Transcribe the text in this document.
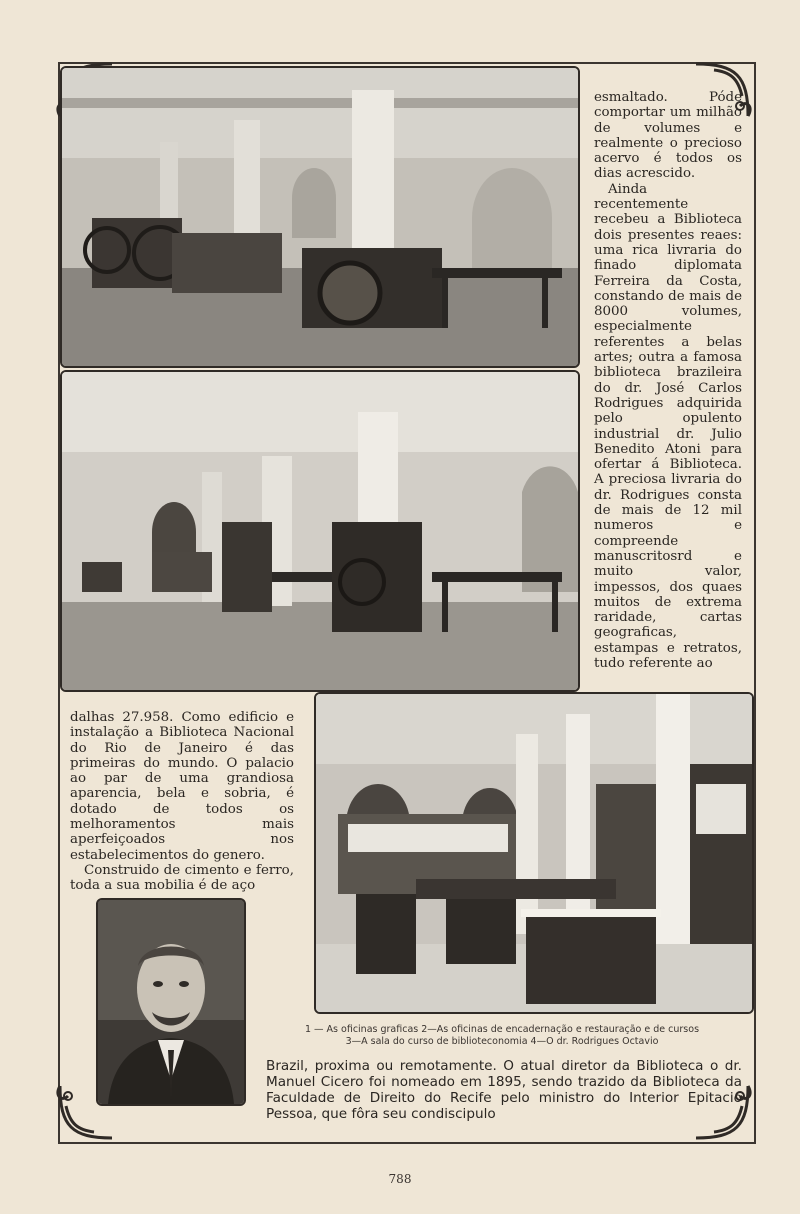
esmaltado. Póde comportar um milhão de volumes e realmente o precioso acervo é todos os dias acrescido.

Ainda recentemente recebeu a Biblioteca dois presentes reaes: uma rica livraria do finado diplomata Ferreira da Costa, constando de mais de 8000 volumes, especialmente referentes a belas artes; outra a famosa biblioteca brazileira do dr. José Carlos Rodrigues adquirida pelo opulento industrial dr. Julio Benedito Atoni para ofertar á Biblioteca. A preciosa livraria do dr. Rodrigues consta de mais de 12 mil numeros e compreende manuscritosrd e muito valor, impessos, dos quaes muitos de extrema raridade, cartas geograficas, estampas e retratos, tudo referente ao

dalhas 27.958. Como edificio e instalação a Biblioteca Nacional do Rio de Janeiro é das primeiras do mundo. O palacio ao par de uma grandiosa aparencia, bela e sobria, é dotado de todos os melhoramentos mais aperfeiçoados nos estabelecimentos do genero.

Construido de cimento e ferro, toda a sua mobilia é de aço

1 — As oficinas graficas 2—As oficinas de encadernação e restauração e de cursos
3—A sala do curso de biblioteconomia 4—O dr. Rodrigues Octavio
Brazil, proxima ou remotamente. O atual diretor da Biblioteca o dr. Manuel Cicero foi nomeado em 1895, sendo trazido da Biblioteca da Faculdade de Direito do Recife pelo ministro do Interior Epitacio Pessoa, que fôra seu condiscipulo
788
